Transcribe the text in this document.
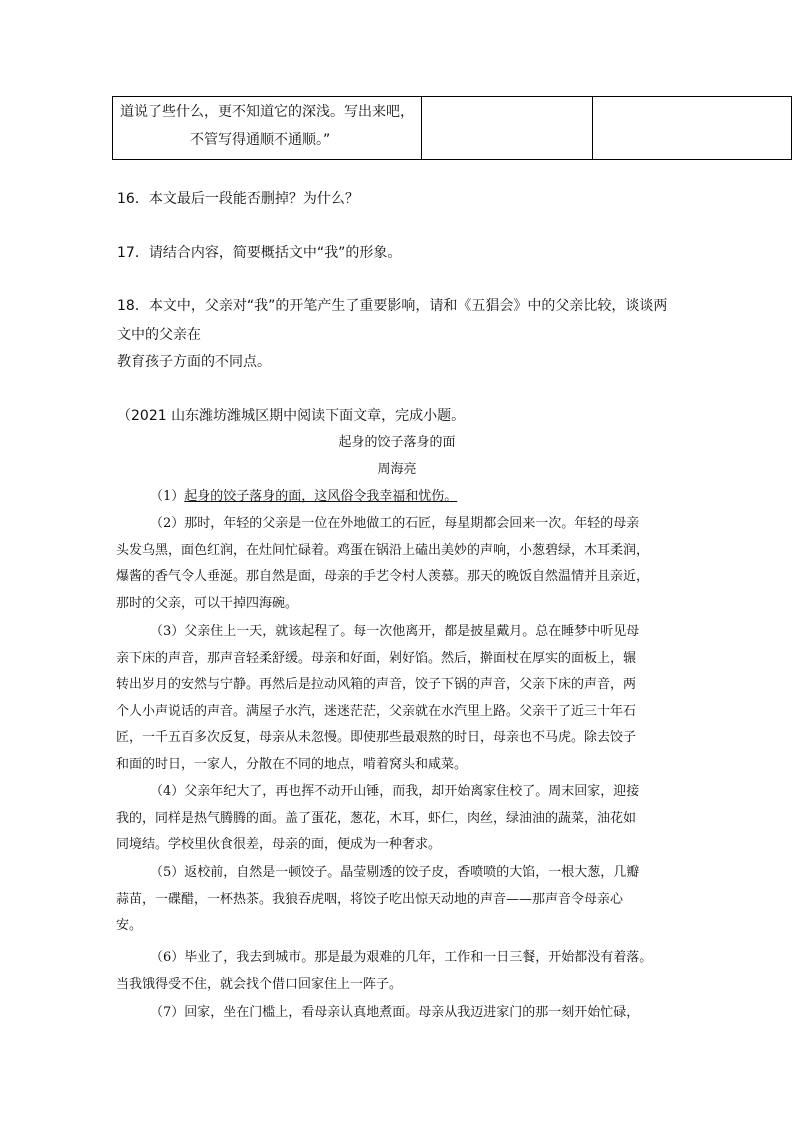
道说了些什么，更不知道它的深浅。写出来吧，
不管写得通顺不通顺。”
16．本文最后一段能否删掉？为什么？
17．请结合内容，简要概括文中“我”的形象。
18．本文中，父亲对“我”的开笔产生了重要影响，请和《五猖会》中的父亲比较，谈谈两
文中的父亲在
教育孩子方面的不同点。
（2021 山东潍坊潍城区期中阅读下面文章，完成小题。
起身的饺子落身的面
周海亮
（1）起身的饺子落身的面，这风俗令我幸福和忧伤。
（2）那时，年轻的父亲是一位在外地做工的石匠，每星期都会回来一次。年轻的母亲
头发乌黑，面色红润，在灶间忙碌着。鸡蛋在锅沿上磕出美妙的声响，小葱碧绿，木耳柔润，
爆酱的香气令人垂涎。那自然是面，母亲的手艺令村人羡慕。那天的晚饭自然温情并且亲近，
那时的父亲，可以干掉四海碗。
（3）父亲住上一天，就该起程了。每一次他离开，都是披星戴月。总在睡梦中听见母
亲下床的声音，那声音轻柔舒缓。母亲和好面，剁好馅。然后，擀面杖在厚实的面板上，辗
转出岁月的安然与宁静。再然后是拉动风箱的声音，饺子下锅的声音，父亲下床的声音，两
个人小声说话的声音。满屋子水汽，迷迷茫茫，父亲就在水汽里上路。父亲干了近三十年石
匠，一千五百多次反复，母亲从未忽慢。即使那些最艰熬的时日，母亲也不马虎。除去饺子
和面的时日，一家人，分散在不同的地点，啃着窝头和咸菜。
（4）父亲年纪大了，再也挥不动开山锤，而我，却开始离家住校了。周末回家，迎接
我的，同样是热气腾腾的面。盖了蛋花，葱花，木耳，虾仁，肉丝，绿油油的蔬菜，油花如
同境结。学校里伙食很差，母亲的面，便成为一种奢求。
（5）返校前，自然是一顿饺子。晶莹剔透的饺子皮，香喷喷的大馅，一根大葱，几瓣
蒜苗，一碟醋，一杯热茶。我狼吞虎咽，将饺子吃出惊天动地的声音——那声音令母亲心
安。
（6）毕业了，我去到城市。那是最为艰难的几年，工作和一日三餐，开始都没有着落。
当我饿得受不住，就会找个借口回家住上一阵子。
（7）回家，坐在门槛上，看母亲认真地煮面。母亲从我迈进家门的那一刻开始忙碌，
